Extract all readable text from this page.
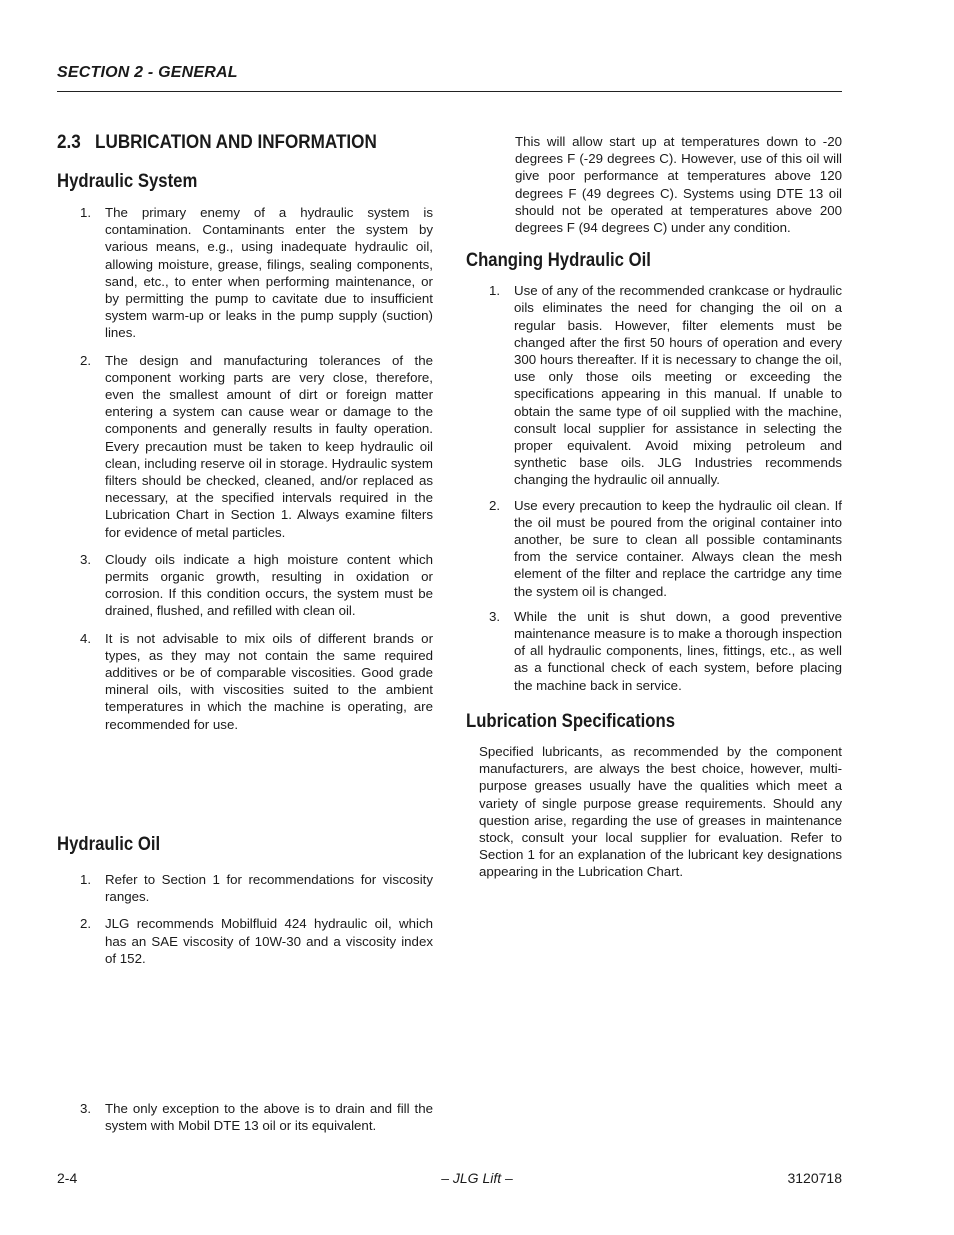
SECTION 2 - GENERAL
2.3   LUBRICATION AND INFORMATION
Hydraulic System
1. The primary enemy of a hydraulic system is contamination. Contaminants enter the system by various means, e.g., using inadequate hydraulic oil, allowing moisture, grease, filings, sealing components, sand, etc., to enter when performing maintenance, or by permitting the pump to cavitate due to insufficient system warm-up or leaks in the pump supply (suction) lines.
2. The design and manufacturing tolerances of the component working parts are very close, therefore, even the smallest amount of dirt or foreign matter entering a system can cause wear or damage to the components and generally results in faulty operation. Every precaution must be taken to keep hydraulic oil clean, including reserve oil in storage. Hydraulic system filters should be checked, cleaned, and/or replaced as necessary, at the specified intervals required in the Lubrication Chart in Section 1. Always examine filters for evidence of metal particles.
3. Cloudy oils indicate a high moisture content which permits organic growth, resulting in oxidation or corrosion. If this condition occurs, the system must be drained, flushed, and refilled with clean oil.
4. It is not advisable to mix oils of different brands or types, as they may not contain the same required additives or be of comparable viscosities. Good grade mineral oils, with viscosities suited to the ambient temperatures in which the machine is operating, are recommended for use.
Hydraulic Oil
1. Refer to Section 1 for recommendations for viscosity ranges.
2. JLG recommends Mobilfluid 424 hydraulic oil, which has an SAE viscosity of 10W-30 and a viscosity index of 152.
3. The only exception to the above is to drain and fill the system with Mobil DTE 13 oil or its equivalent.

This will allow start up at temperatures down to -20 degrees F (-29 degrees C). However, use of this oil will give poor performance at temperatures above 120 degrees F (49 degrees C). Systems using DTE 13 oil should not be operated at temperatures above 200 degrees F (94 degrees C) under any condition.

Changing Hydraulic Oil
1. Use of any of the recommended crankcase or hydraulic oils eliminates the need for changing the oil on a regular basis. However, filter elements must be changed after the first 50 hours of operation and every 300 hours thereafter. If it is necessary to change the oil, use only those oils meeting or exceeding the specifications appearing in this manual. If unable to obtain the same type of oil supplied with the machine, consult local supplier for assistance in selecting the proper equivalent. Avoid mixing petroleum and synthetic base oils. JLG Industries recommends changing the hydraulic oil annually.
2. Use every precaution to keep the hydraulic oil clean. If the oil must be poured from the original container into another, be sure to clean all possible contaminants from the service container. Always clean the mesh element of the filter and replace the cartridge any time the system oil is changed.
3. While the unit is shut down, a good preventive maintenance measure is to make a thorough inspection of all hydraulic components, lines, fittings, etc., as well as a functional check of each system, before placing the machine back in service.
Lubrication Specifications

Specified lubricants, as recommended by the component manufacturers, are always the best choice, however, multi-purpose greases usually have the qualities which meet a variety of single purpose grease requirements. Should any question arise, regarding the use of greases in maintenance stock, consult your local supplier for evaluation. Refer to Section 1 for an explanation of the lubricant key designations appearing in the Lubrication Chart.

2-4	– JLG Lift –	3120718
